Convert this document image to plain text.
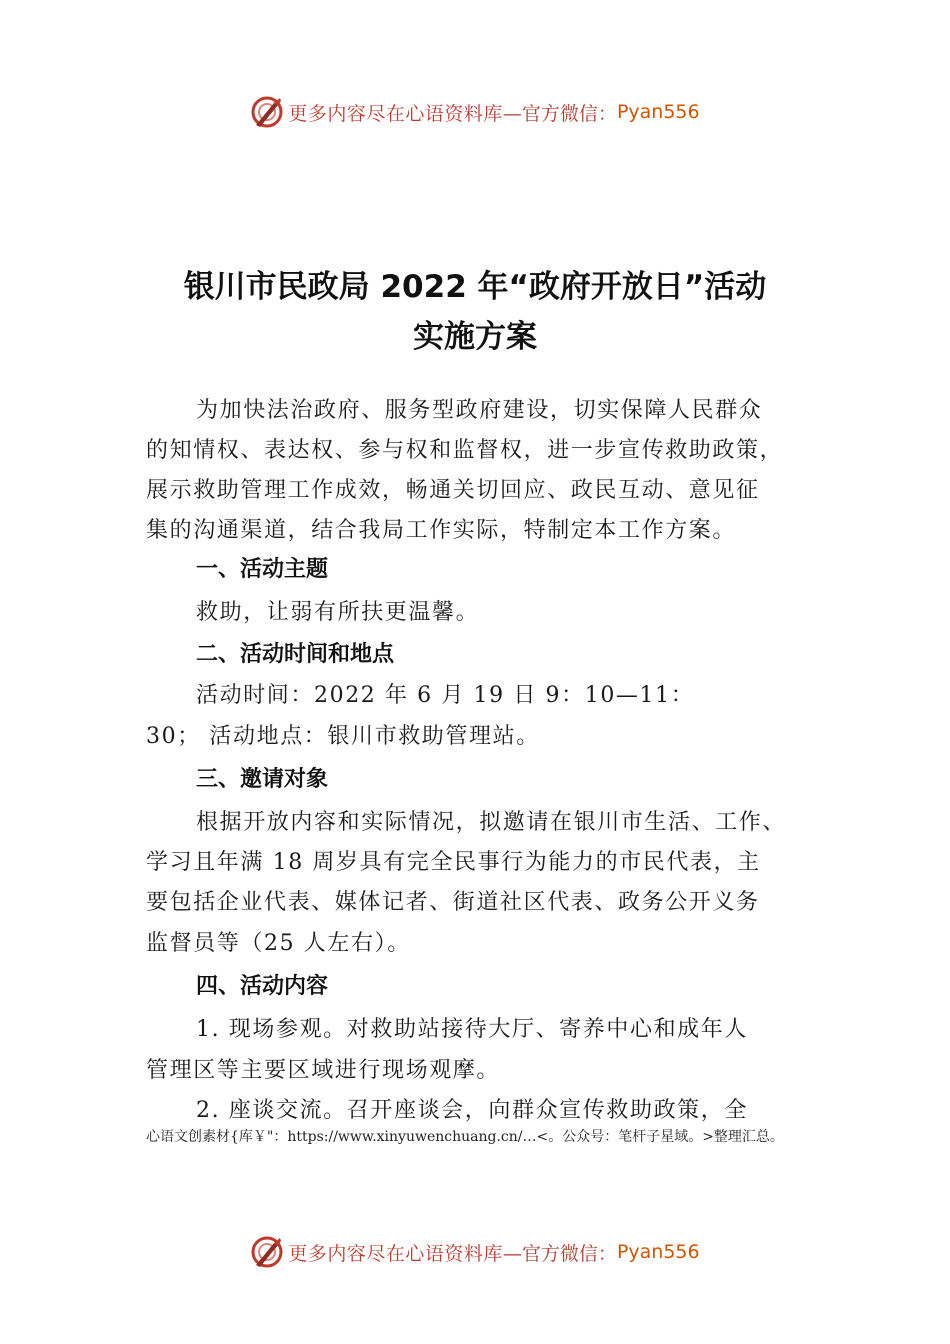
更多内容尽在心语资料库 —官方微信： Pyan556
银川市民政局 2022 年“政府开放日”活动
实施方案
为加快法治政府、服务型政府建设，切实保障人民群众
的知情权、表达权、参与权和监督权，进一步宣传救助政策，
展示救助管理工作成效，畅通关切回应、政民互动、意见征
集的沟通渠道，结合我局工作实际，特制定本工作方案。
一、活动主题
救助，让弱有所扶更温馨。
二、活动时间和地点
活动时间：2022 年 6 月 19 日 9：10—11：
30； 活动地点：银川市救助管理站。
三、邀请对象
根据开放内容和实际情况，拟邀请在银川市生活、工作、
学习且年满 18 周岁具有完全民事行为能力的市民代表，主
要包括企业代表、媒体记者、街道社区代表、政务公开义务
监督员等（25 人左右）。
四、活动内容
1. 现场参观。对救助站接待大厅、寄养中心和成年人
管理区等主要区域进行现场观摩。
2. 座谈交流。召开座谈会，向群众宣传救助政策，全
心语文创素材{库￥"：https://www.xinyuwenchuang.cn/…<。公众号：笔杆子星域。>整理汇总。
更多内容尽在心语资料库 —官方微信： Pyan556
